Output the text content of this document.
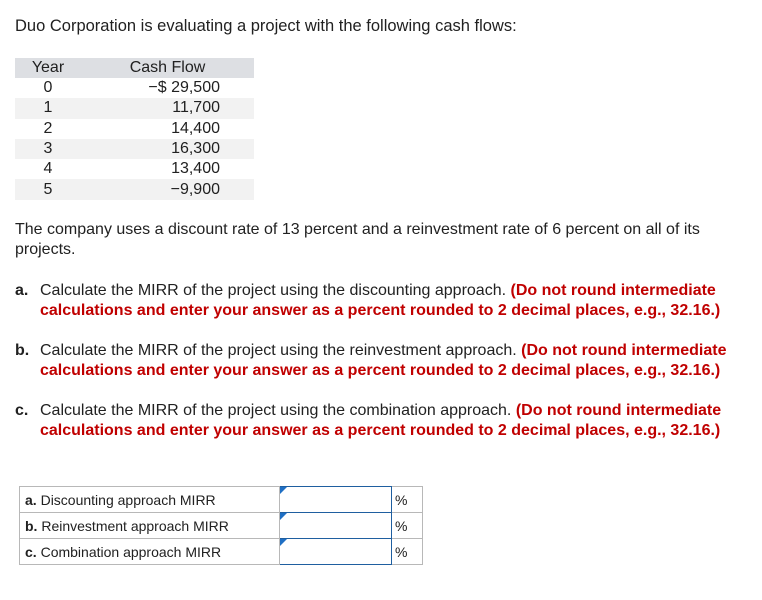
Duo Corporation is evaluating a project with the following cash flows:
Year	Cash Flow
0	−$ 29,500
1	11,700
2	14,400
3	16,300
4	13,400
5	−9,900
The company uses a discount rate of 13 percent and a reinvestment rate of 6 percent on all of its projects.
a. Calculate the MIRR of the project using the discounting approach. (Do not round intermediate calculations and enter your answer as a percent rounded to 2 decimal places, e.g., 32.16.)
b. Calculate the MIRR of the project using the reinvestment approach. (Do not round intermediate calculations and enter your answer as a percent rounded to 2 decimal places, e.g., 32.16.)
c. Calculate the MIRR of the project using the combination approach. (Do not round intermediate calculations and enter your answer as a percent rounded to 2 decimal places, e.g., 32.16.)
a. Discounting approach MIRR		%
b. Reinvestment approach MIRR		%
c. Combination approach MIRR		%
